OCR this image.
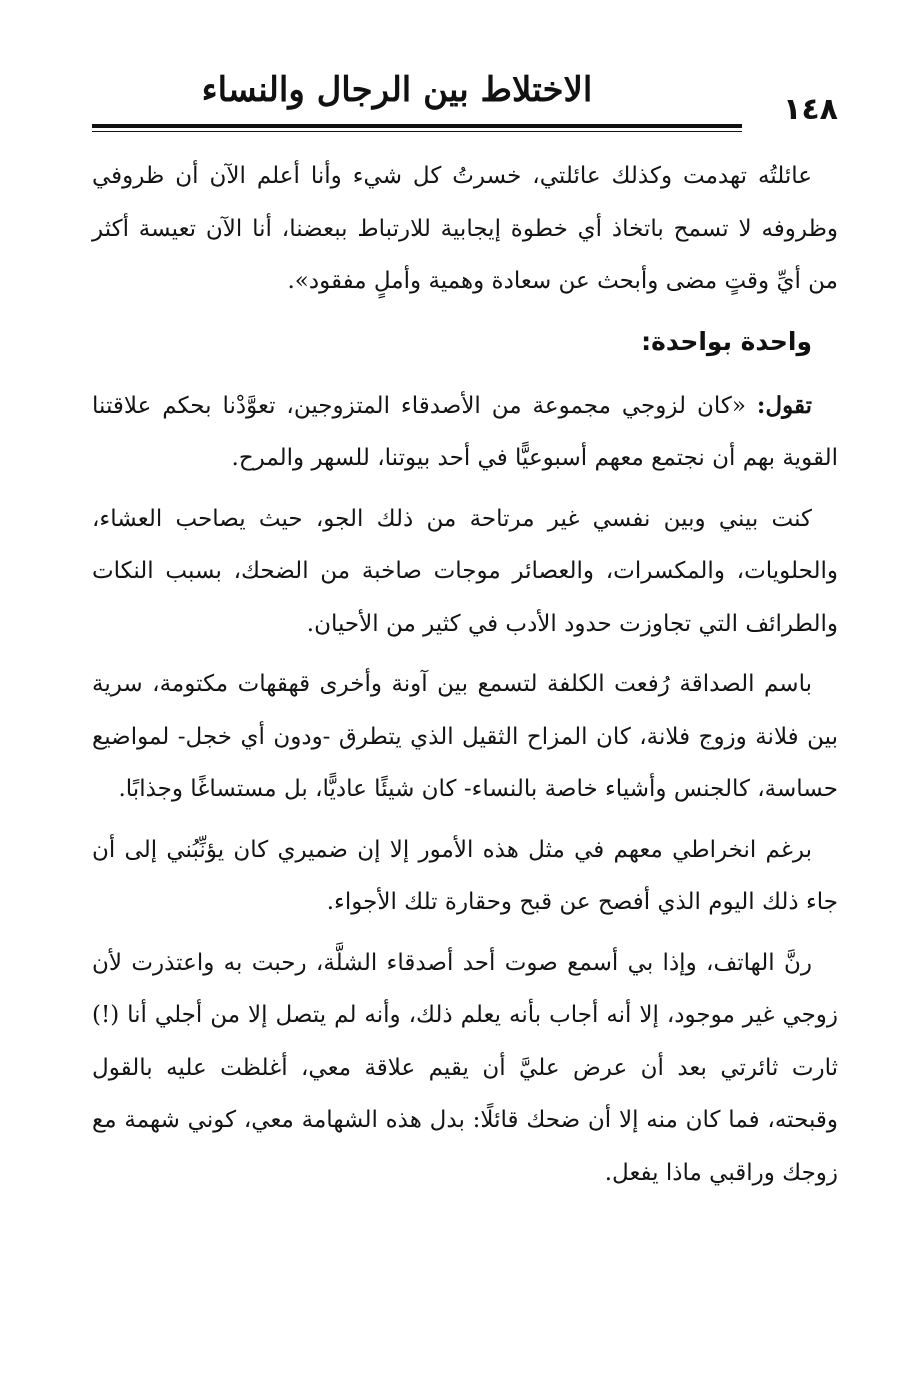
الاختلاط بين الرجال والنساء	١٤٨

عائلتُه تهدمت وكذلك عائلتي، خسرتُ كل شيء وأنا أعلم الآن أن ظروفي وظروفه لا تسمح باتخاذ أي خطوة إيجابية للارتباط ببعضنا، أنا الآن تعيسة أكثر من أيِّ وقتٍ مضى وأبحث عن سعادة وهمية وأملٍ مفقود».

واحدة بواحدة:

تقول: «كان لزوجي مجموعة من الأصدقاء المتزوجين، تعوَّدْنا بحكم علاقتنا القوية بهم أن نجتمع معهم أسبوعيًّا في أحد بيوتنا، للسهر والمرح.

كنت بيني وبين نفسي غير مرتاحة من ذلك الجو، حيث يصاحب العشاء، والحلويات، والمكسرات، والعصائر موجات صاخبة من الضحك، بسبب النكات والطرائف التي تجاوزت حدود الأدب في كثير من الأحيان.

باسم الصداقة رُفعت الكلفة لتسمع بين آونة وأخرى قهقهات مكتومة، سرية بين فلانة وزوج فلانة، كان المزاح الثقيل الذي يتطرق -ودون أي خجل- لمواضيع حساسة، كالجنس وأشياء خاصة بالنساء- كان شيئًا عاديًّا، بل مستساغًا وجذابًا.

برغم انخراطي معهم في مثل هذه الأمور إلا إن ضميري كان يؤنِّبُني إلى أن جاء ذلك اليوم الذي أفصح عن قبح وحقارة تلك الأجواء.

رنَّ الهاتف، وإذا بي أسمع صوت أحد أصدقاء الشلَّة، رحبت به واعتذرت لأن زوجي غير موجود، إلا أنه أجاب بأنه يعلم ذلك، وأنه لم يتصل إلا من أجلي أنا (!) ثارت ثائرتي بعد أن عرض عليَّ أن يقيم علاقة معي، أغلظت عليه بالقول وقبحته، فما كان منه إلا أن ضحك قائلًا: بدل هذه الشهامة معي، كوني شهمة مع زوجك وراقبي ماذا يفعل.
